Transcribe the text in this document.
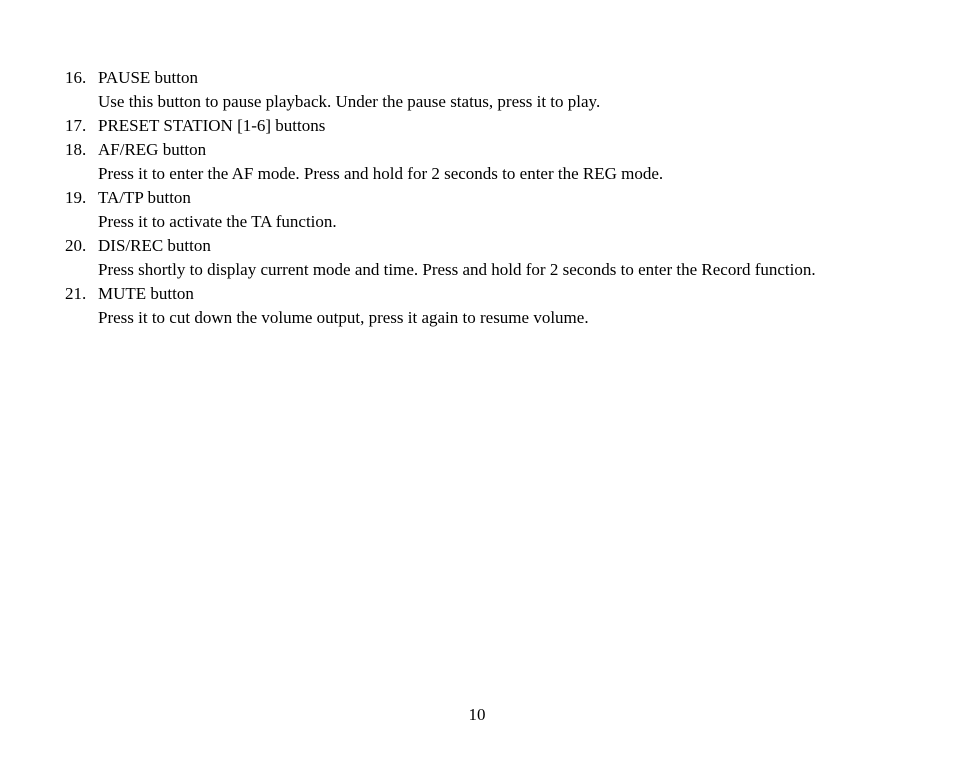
16. PAUSE button
Use this button to pause playback. Under the pause status, press it to play.
17. PRESET STATION [1-6] buttons
18. AF/REG button
Press it to enter the AF mode. Press and hold for 2 seconds to enter the REG mode.
19. TA/TP button
Press it to activate the TA function.
20. DIS/REC button
Press shortly to display current mode and time. Press and hold for 2 seconds to enter the Record function.
21. MUTE button
Press it to cut down the volume output, press it again to resume volume.
10
